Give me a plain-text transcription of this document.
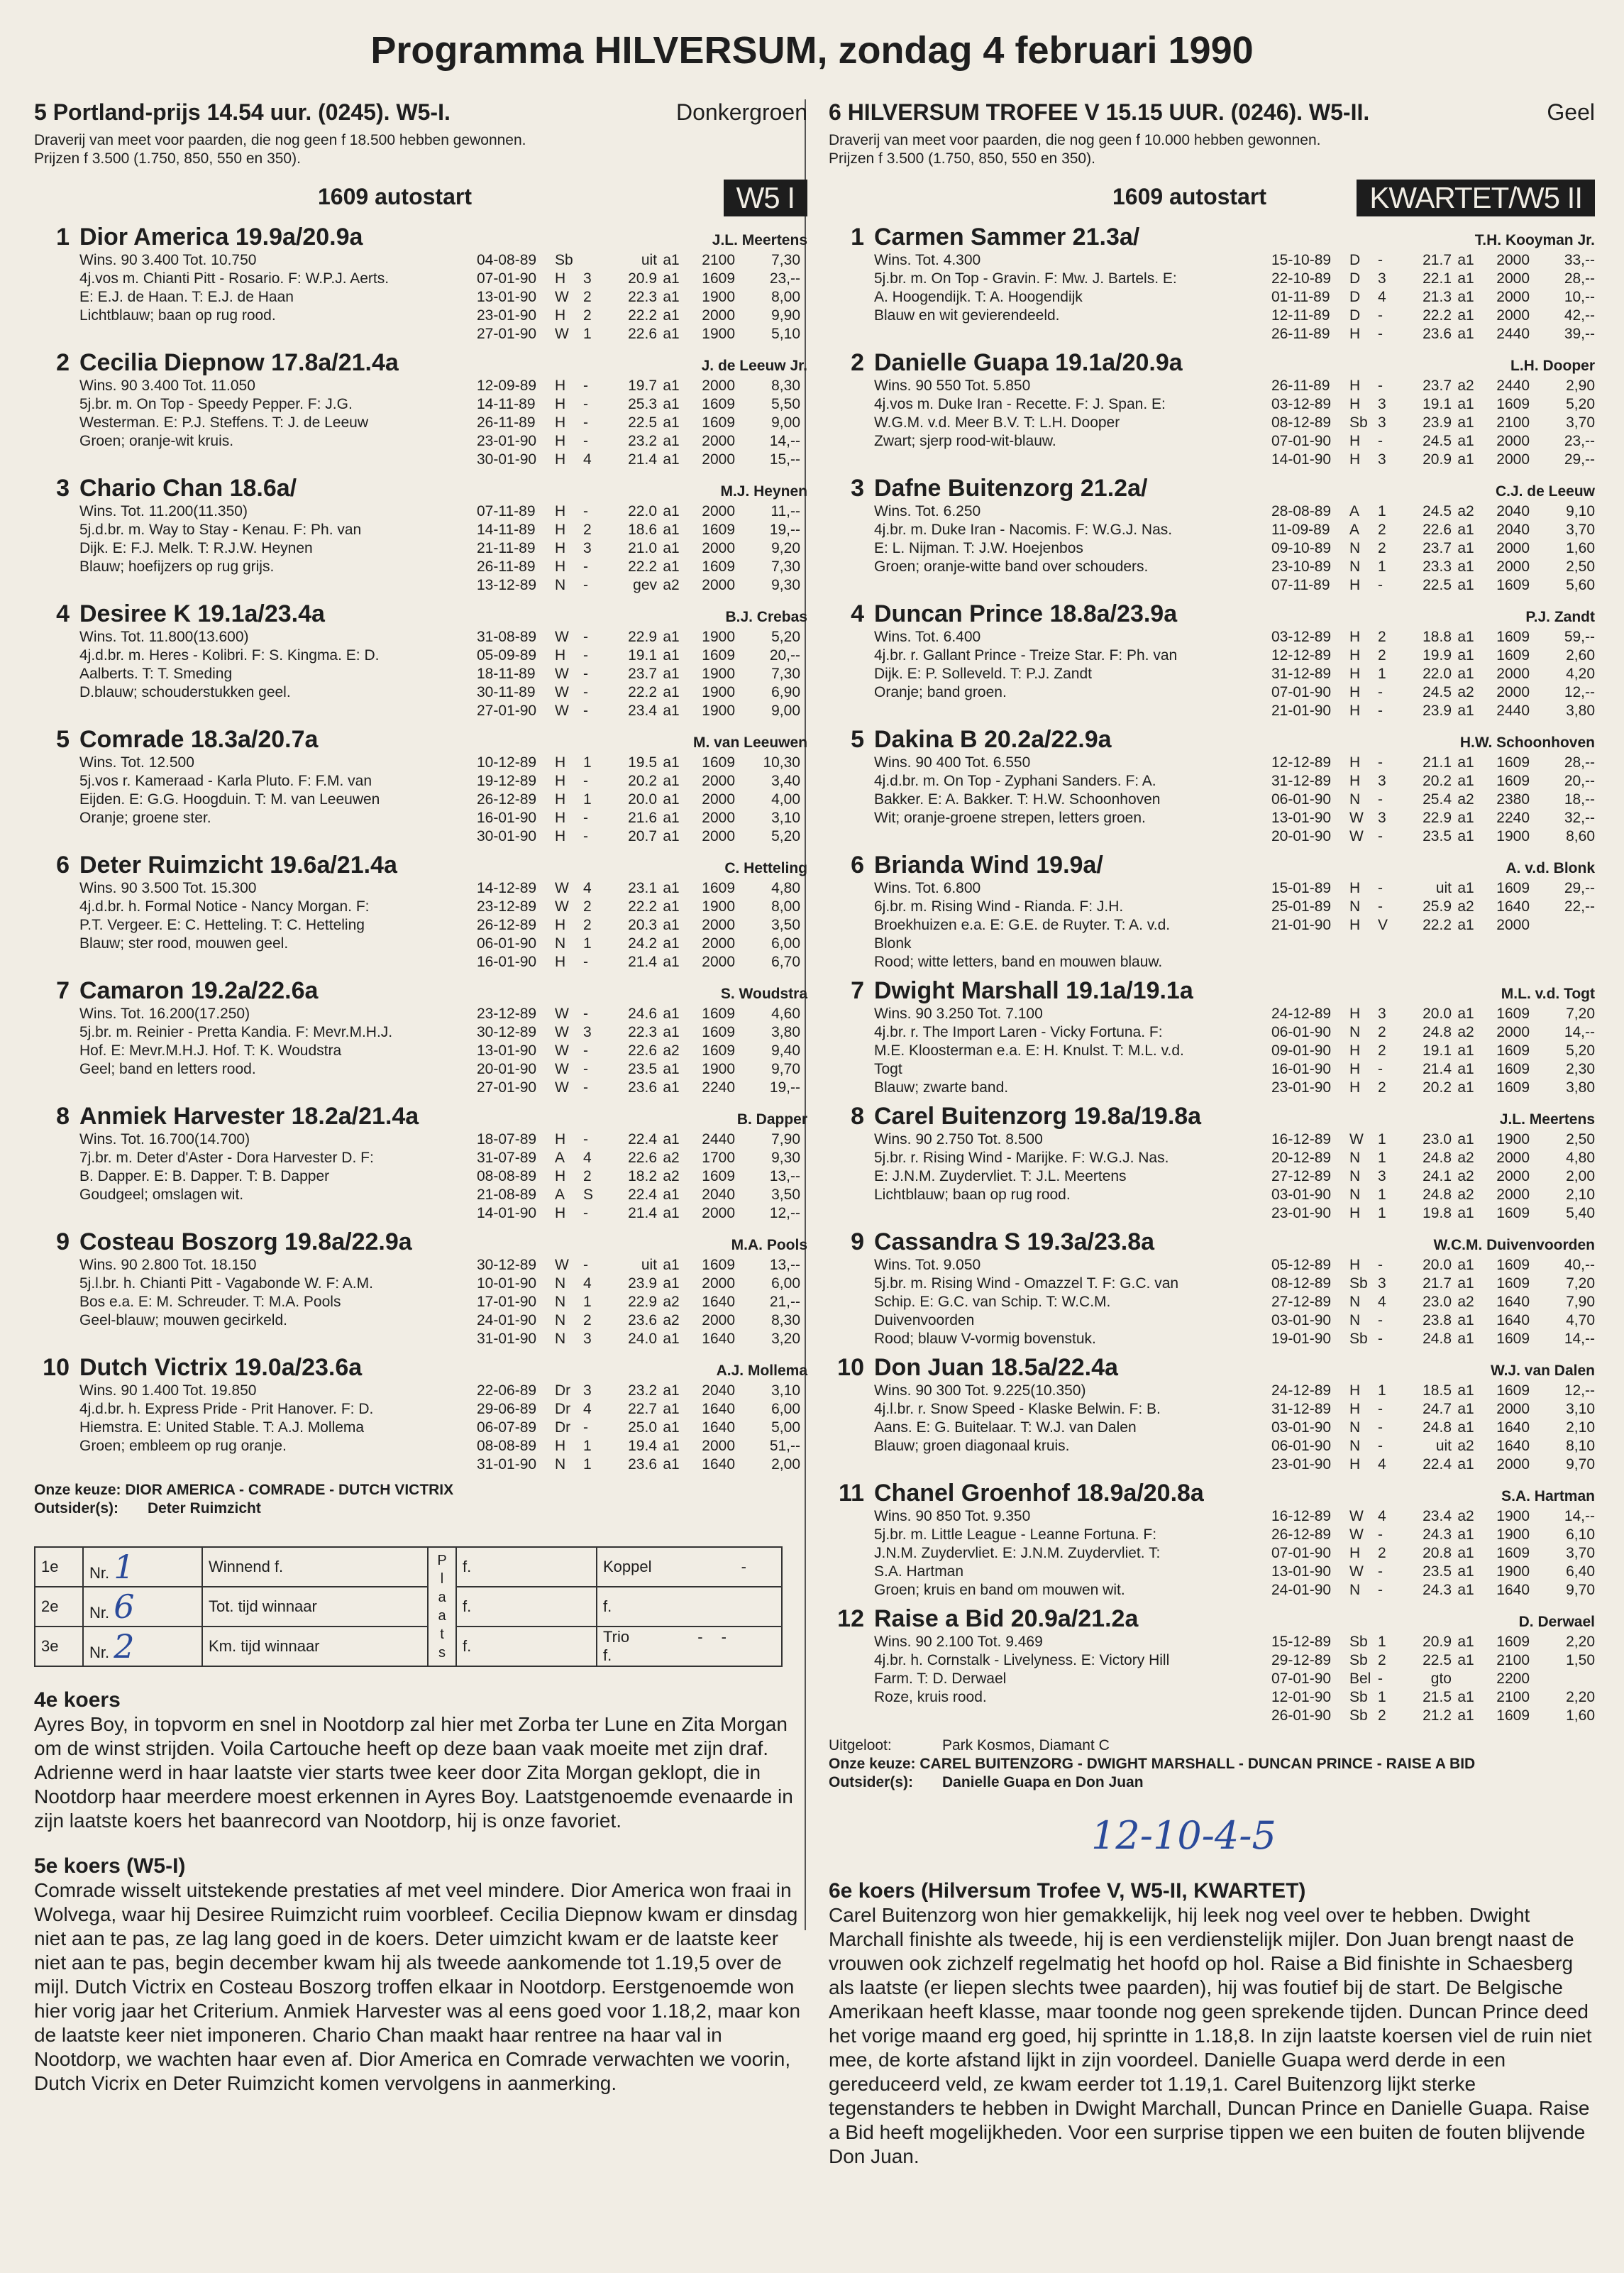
Programma HILVERSUM, zondag 4 februari 1990
5 Portland-prijs 14.54 uur. (0245). W5-I.	Donkergroen
Draverij van meet voor paarden, die nog geen f 18.500 hebben gewonnen.
Prijzen f 3.500 (1.750, 850, 550 en 350).
1609 autostart	W5 I
1 Dior America 19.9a/20.9a	J.L. Meertens
Wins. 90 3.400 Tot. 10.750
4j.vos m. Chianti Pitt - Rosario. F: W.P.J. Aerts.
E: E.J. de Haan. T: E.J. de Haan
Lichtblauw; baan op rug rood.
04-08-89	Sb	uit a1	2100	7,30
07-01-90	H	3	20.9 a1	1609	23,--
13-01-90	W 2	22.3 a1	1900	8,00
23-01-90	H	2	22.2 a1	2000	9,90
27-01-90	W 1	22.6 a1	1900	5,10
2 Cecilia Diepnow 17.8a/21.4a	J. de Leeuw Jr.
Wins. 90 3.400 Tot. 11.050
5j.br. m. On Top - Speedy Pepper. F: J.G.
Westerman. E: P.J. Steffens. T: J. de Leeuw
Groen; oranje-wit kruis.
12-09-89	H	-	19.7 a1	2000	8,30
14-11-89	H	-	25.3 a1	1609	5,50
26-11-89	H	-	22.5 a1	1609	9,00
23-01-90	H	-	23.2 a1	2000	14,--
30-01-90	H	4	21.4 a1	2000	15,--
3 Chario Chan 18.6a/	M.J. Heynen
Wins. Tot. 11.200(11.350)
5j.d.br. m. Way to Stay - Kenau. F: Ph. van
Dijk. E: F.J. Melk. T: R.J.W. Heynen
Blauw; hoefijzers op rug grijs.
07-11-89	H	-	22.0 a1	2000	11,--
14-11-89	H	2	18.6 a1	1609	19,--
21-11-89	H	3	21.0 a1	2000	9,20
26-11-89	H	-	22.2 a1	1609	7,30
13-12-89	N	-	gev a2	2000	9,30
4 Desiree K 19.1a/23.4a	B.J. Crebas
Wins. Tot. 11.800(13.600)
4j.d.br. m. Heres - Kolibri. F: S. Kingma. E: D.
Aalberts. T: T. Smeding
D.blauw; schouderstukken geel.
31-08-89	W -	22.9 a1	1900	5,20
05-09-89	H	-	19.1 a1	1609	20,--
18-11-89	W -	23.7 a1	1900	7,30
30-11-89	W -	22.2 a1	1900	6,90
27-01-90	W -	23.4 a1	1900	9,00
5 Comrade 18.3a/20.7a	M. van Leeuwen
Wins. Tot. 12.500
5j.vos r. Kameraad - Karla Pluto. F: F.M. van
Eijden. E: G.G. Hoogduin. T: M. van Leeuwen
Oranje; groene ster.
10-12-89	H	1	19.5 a1	1609	10,30
19-12-89	H	-	20.2 a1	2000	3,40
26-12-89	H	1	20.0 a1	2000	4,00
16-01-90	H	-	21.6 a1	2000	3,10
30-01-90	H	-	20.7 a1	2000	5,20
6 Deter Ruimzicht 19.6a/21.4a	C. Hetteling
Wins. 90 3.500 Tot. 15.300
4j.d.br. h. Formal Notice - Nancy Morgan. F:
P.T. Vergeer. E: C. Hetteling. T: C. Hetteling
Blauw; ster rood, mouwen geel.
14-12-89	W 4	23.1 a1	1609	4,80
23-12-89	W 2	22.2 a1	1900	8,00
26-12-89	H	2	20.3 a1	2000	3,50
06-01-90	N	1	24.2 a1	2000	6,00
16-01-90	H	-	21.4 a1	2000	6,70
7 Camaron 19.2a/22.6a	S. Woudstra
Wins. Tot. 16.200(17.250)
5j.br. m. Reinier - Pretta Kandia. F: Mevr.M.H.J.
Hof. E: Mevr.M.H.J. Hof. T: K. Woudstra
Geel; band en letters rood.
23-12-89	W -	24.6 a1	1609	4,60
30-12-89	W 3	22.3 a1	1609	3,80
13-01-90	W -	22.6 a2	1609	9,40
20-01-90	W -	23.5 a1	1900	9,70
27-01-90	W -	23.6 a1	2240	19,--
8 Anmiek Harvester 18.2a/21.4a	B. Dapper
Wins. Tot. 16.700(14.700)
7j.br. m. Deter d'Aster - Dora Harvester D. F:
B. Dapper. E: B. Dapper. T: B. Dapper
Goudgeel; omslagen wit.
18-07-89	H	-	22.4 a1	2440	7,90
31-07-89	A	4	22.6 a2	1700	9,30
08-08-89	H	2	18.2 a2	1609	13,--
21-08-89	A	S	22.4 a1	2040	3,50
14-01-90	H	-	21.4 a1	2000	12,--
9 Costeau Boszorg 19.8a/22.9a	M.A. Pools
Wins. 90 2.800 Tot. 18.150
5j.l.br. h. Chianti Pitt - Vagabonde W. F: A.M.
Bos e.a. E: M. Schreuder. T: M.A. Pools
Geel-blauw; mouwen gecirkeld.
30-12-89	W -	uit a1	1609	13,--
10-01-90	N	4	23.9 a1	2000	6,00
17-01-90	N	1	22.9 a2	1640	21,--
24-01-90	N	2	23.6 a2	2000	8,30
31-01-90	N	3	24.0 a1	1640	3,20
10 Dutch Victrix 19.0a/23.6a	A.J. Mollema
Wins. 90 1.400 Tot. 19.850
4j.d.br. h. Express Pride - Prit Hanover. F: D.
Hiemstra. E: United Stable. T: A.J. Mollema
Groen; embleem op rug oranje.
22-06-89	Dr 3	23.2 a1	2040	3,10
29-06-89	Dr 4	22.7 a1	1640	6,00
06-07-89	Dr -	25.0 a1	1640	5,00
08-08-89	H	1	19.4 a1	2000	51,--
31-01-90	N	1	23.6 a1	1640	2,00
Onze keuze: DIOR AMERICA - COMRADE - DUTCH VICTRIX
Outsider(s): Deter Ruimzicht
1e	Nr. 1	Winnend f.	Plaats	f.	Koppel -
2e	Nr. 6	Tot. tijd winnaar		f.	f.
3e	Nr. 2	Km. tijd winnaar		f.	Trio - -
f.
4e koers
Ayres Boy, in topvorm en snel in Nootdorp zal hier met Zorba ter Lune en Zita Morgan om de winst strijden. Voila Cartouche heeft op deze baan vaak moeite met zijn draf. Adrienne werd in haar laatste vier starts twee keer door Zita Morgan geklopt, die in Nootdorp haar meerdere moest erkennen in Ayres Boy. Laatstgenoemde evenaarde in zijn laatste koers het baanrecord van Nootdorp, hij is onze favoriet.
5e koers (W5-I)
Comrade wisselt uitstekende prestaties af met veel mindere. Dior America won fraai in Wolvega, waar hij Desiree Ruimzicht ruim voorbleef. Cecilia Diepnow kwam er dinsdag niet aan te pas, ze lag lang goed in de koers. Deter uimzicht kwam er de laatste keer niet aan te pas, begin december kwam hij als tweede aankomende tot 1.19,5 over de mijl. Dutch Victrix en Costeau Boszorg troffen elkaar in Nootdorp. Eerstgenoemde won hier vorig jaar het Criterium. Anmiek Harvester was al eens goed voor 1.18,2, maar kon de laatste keer niet imponeren. Chario Chan maakt haar rentree na haar val in Nootdorp, we wachten haar even af. Dior America en Comrade verwachten we voorin, Dutch Vicrix en Deter Ruimzicht komen vervolgens in aanmerking.
6 HILVERSUM TROFEE V 15.15 UUR. (0246). W5-II.	Geel
Draverij van meet voor paarden, die nog geen f 10.000 hebben gewonnen.
Prijzen f 3.500 (1.750, 850, 550 en 350).
1609 autostart	KWARTET/W5 II
1 Carmen Sammer 21.3a/	T.H. Kooyman Jr.
Wins. Tot. 4.300
5j.br. m. On Top - Gravin. F: Mw. J. Bartels. E:
A. Hoogendijk. T: A. Hoogendijk
Blauw en wit gevierendeeld.
15-10-89	D	-	21.7 a1	2000	33,--
22-10-89	D	3	22.1 a1	2000	28,--
01-11-89	D	4	21.3 a1	2000	10,--
12-11-89	D	-	22.2 a1	2000	42,--
26-11-89	H	-	23.6 a1	2440	39,--
2 Danielle Guapa 19.1a/20.9a	L.H. Dooper
Wins. 90 550 Tot. 5.850
4j.vos m. Duke Iran - Recette. F: J. Span. E:
W.G.M. v.d. Meer B.V. T: L.H. Dooper
Zwart; sjerp rood-wit-blauw.
26-11-89	H	-	23.7 a2	2440	2,90
03-12-89	H	3	19.1 a1	1609	5,20
08-12-89	Sb 3	23.9 a1	2100	3,70
07-01-90	H	-	24.5 a1	2000	23,--
14-01-90	H	3	20.9 a1	2000	29,--
3 Dafne Buitenzorg 21.2a/	C.J. de Leeuw
Wins. Tot. 6.250
4j.br. m. Duke Iran - Nacomis. F: W.G.J. Nas.
E: L. Nijman. T: J.W. Hoejenbos
Groen; oranje-witte band over schouders.
28-08-89	A	1	24.5 a2	2040	9,10
11-09-89	A	2	22.6 a1	2040	3,70
09-10-89	N	2	23.7 a1	2000	1,60
23-10-89	N	1	23.3 a1	2000	2,50
07-11-89	H	-	22.5 a1	1609	5,60
4 Duncan Prince 18.8a/23.9a	P.J. Zandt
Wins. Tot. 6.400
4j.br. r. Gallant Prince - Treize Star. F: Ph. van
Dijk. E: P. Solleveld. T: P.J. Zandt
Oranje; band groen.
03-12-89	H	2	18.8 a1	1609	59,--
12-12-89	H	2	19.9 a1	1609	2,60
31-12-89	H	1	22.0 a1	2000	4,20
07-01-90	H	-	24.5 a2	2000	12,--
21-01-90	H	-	23.9 a1	2440	3,80
5 Dakina B 20.2a/22.9a	H.W. Schoonhoven
Wins. 90 400 Tot. 6.550
4j.d.br. m. On Top - Zyphani Sanders. F: A.
Bakker. E: A. Bakker. T: H.W. Schoonhoven
Wit; oranje-groene strepen, letters groen.
12-12-89	H	-	21.1 a1	1609	28,--
31-12-89	H	3	20.2 a1	1609	20,--
06-01-90	N	-	25.4 a2	2380	18,--
13-01-90	W 3	22.9 a1	2240	32,--
20-01-90	W -	23.5 a1	1900	8,60
6 Brianda Wind 19.9a/	A. v.d. Blonk
Wins. Tot. 6.800
6j.br. m. Rising Wind - Rianda. F: J.H.
Broekhuizen e.a. E: G.E. de Ruyter. T: A. v.d.
Blonk
Rood; witte letters, band en mouwen blauw.
15-01-89	H	-	uit a1	1609	29,--
25-01-89	N	-	25.9 a2	1640	22,--
21-01-90	H	V	22.2 a1	2000
7 Dwight Marshall 19.1a/19.1a	M.L. v.d. Togt
Wins. 90 3.250 Tot. 7.100
4j.br. r. The Import Laren - Vicky Fortuna. F:
M.E. Kloosterman e.a. E: H. Knulst. T: M.L. v.d.
Togt
Blauw; zwarte band.
24-12-89	H	3	20.0 a1	1609	7,20
06-01-90	N	2	24.8 a2	2000	14,--
09-01-90	H	2	19.1 a1	1609	5,20
16-01-90	H	-	21.4 a1	1609	2,30
23-01-90	H	2	20.2 a1	1609	3,80
8 Carel Buitenzorg 19.8a/19.8a	J.L. Meertens
Wins. 90 2.750 Tot. 8.500
5j.br. r. Rising Wind - Marijke. F: W.G.J. Nas.
E: J.N.M. Zuydervliet. T: J.L. Meertens
Lichtblauw; baan op rug rood.
16-12-89	W 1	23.0 a1	1900	2,50
20-12-89	N	1	24.8 a2	2000	4,80
27-12-89	N	3	24.1 a2	2000	2,00
03-01-90	N	1	24.8 a2	2000	2,10
23-01-90	H	1	19.8 a1	1609	5,40
9 Cassandra S 19.3a/23.8a	W.C.M. Duivenvoorden
Wins. Tot. 9.050
5j.br. m. Rising Wind - Omazzel T. F: G.C. van
Schip. E: G.C. van Schip. T: W.C.M.
Duivenvoorden
Rood; blauw V-vormig bovenstuk.
05-12-89	H	-	20.0 a1	1609	40,--
08-12-89	Sb 3	21.7 a1	1609	7,20
27-12-89	N	4	23.0 a2	1640	7,90
03-01-90	N	-	23.8 a1	1640	4,70
19-01-90	Sb -	24.8 a1	1609	14,--
10 Don Juan 18.5a/22.4a	W.J. van Dalen
Wins. 90 300 Tot. 9.225(10.350)
4j.l.br. r. Snow Speed - Klaske Belwin. F: B.
Aans. E: G. Buitelaar. T: W.J. van Dalen
Blauw; groen diagonaal kruis.
24-12-89	H	1	18.5 a1	1609	12,--
31-12-89	H	-	24.7 a1	2000	3,10
03-01-90	N	-	24.8 a1	1640	2,10
06-01-90	N	-	uit a2	1640	8,10
23-01-90	H	4	22.4 a1	2000	9,70
11 Chanel Groenhof 18.9a/20.8a	S.A. Hartman
Wins. 90 850 Tot. 9.350
5j.br. m. Little League - Leanne Fortuna. F:
J.N.M. Zuydervliet. E: J.N.M. Zuydervliet. T:
S.A. Hartman
Groen; kruis en band om mouwen wit.
16-12-89	W 4	23.4 a2	1900	14,--
26-12-89	W -	24.3 a1	1900	6,10
07-01-90	H	2	20.8 a1	1609	3,70
13-01-90	W -	23.5 a1	1900	6,40
24-01-90	N	-	24.3 a1	1640	9,70
12 Raise a Bid 20.9a/21.2a	D. Derwael
Wins. 90 2.100 Tot. 9.469
4j.br. h. Cornstalk - Livelyness. E: Victory Hill
Farm. T: D. Derwael
Roze, kruis rood.
15-12-89	Sb 1	20.9 a1	1609	2,20
29-12-89	Sb 2	22.5 a1	2100	1,50
07-01-90	Bel -	gto	2200
12-01-90	Sb 1	21.5 a1	2100	2,20
26-01-90	Sb 2	21.2 a1	1609	1,60
Uitgeloot:	Park Kosmos, Diamant C
Onze keuze: CAREL BUITENZORG - DWIGHT MARSHALL - DUNCAN PRINCE - RAISE A BID
Outsider(s): Danielle Guapa en Don Juan
12-10-4-5
6e koers (Hilversum Trofee V, W5-II, KWARTET)
Carel Buitenzorg won hier gemakkelijk, hij leek nog veel over te hebben. Dwight Marchall finishte als tweede, hij is een verdienstelijk mijler. Don Juan brengt naast de vrouwen ook zichzelf regelmatig het hoofd op hol. Raise a Bid finishte in Schaesberg als laatste (er liepen slechts twee paarden), hij was foutief bij de start. De Belgische Amerikaan heeft klasse, maar toonde nog geen sprekende tijden. Duncan Prince deed het vorige maand erg goed, hij sprintte in 1.18,8. In zijn laatste koersen viel de ruin niet mee, de korte afstand lijkt in zijn voordeel. Danielle Guapa werd derde in een gereduceerd veld, ze kwam eerder tot 1.19,1. Carel Buitenzorg lijkt sterke tegenstanders te hebben in Dwight Marchall, Duncan Prince en Danielle Guapa. Raise a Bid heeft mogelijkheden. Voor een surprise tippen we een buiten de fouten blijvende Don Juan.
